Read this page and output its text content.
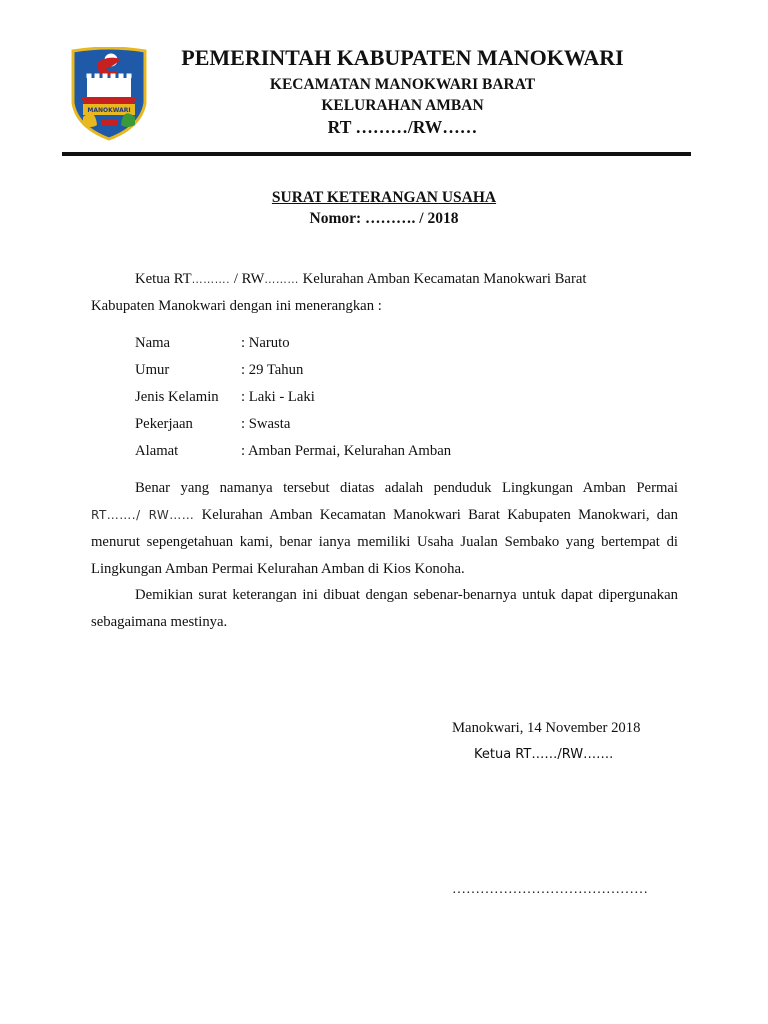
MANOKWARI
PEMERINTAH KABUPATEN MANOKWARI
KECAMATAN MANOKWARI BARAT
KELURAHAN AMBAN
RT ………/RW……
SURAT KETERANGAN USAHA
Nomor: ………. / 2018
Ketua RT………. / RW……… Kelurahan Amban Kecamatan Manokwari Barat
Kabupaten Manokwari dengan ini menerangkan :
Nama	: Naruto
Umur	: 29 Tahun
Jenis Kelamin : Laki - Laki
Pekerjaan	: Swasta
Alamat	: Amban Permai, Kelurahan Amban
Benar yang namanya tersebut diatas adalah penduduk Lingkungan Amban Permai
RT……./ RW…… Kelurahan Amban Kecamatan Manokwari Barat Kabupaten Manokwari, dan
menurut sepengetahuan kami, benar ianya memiliki Usaha Jualan Sembako yang bertempat di
Lingkungan Amban Permai Kelurahan Amban di Kios Konoha.
Demikian surat keterangan ini dibuat dengan sebenar-benarnya untuk dapat dipergunakan
sebagaimana mestinya.
Manokwari, 14 November 2018
Ketua RT……/RW…….
……………………………………
